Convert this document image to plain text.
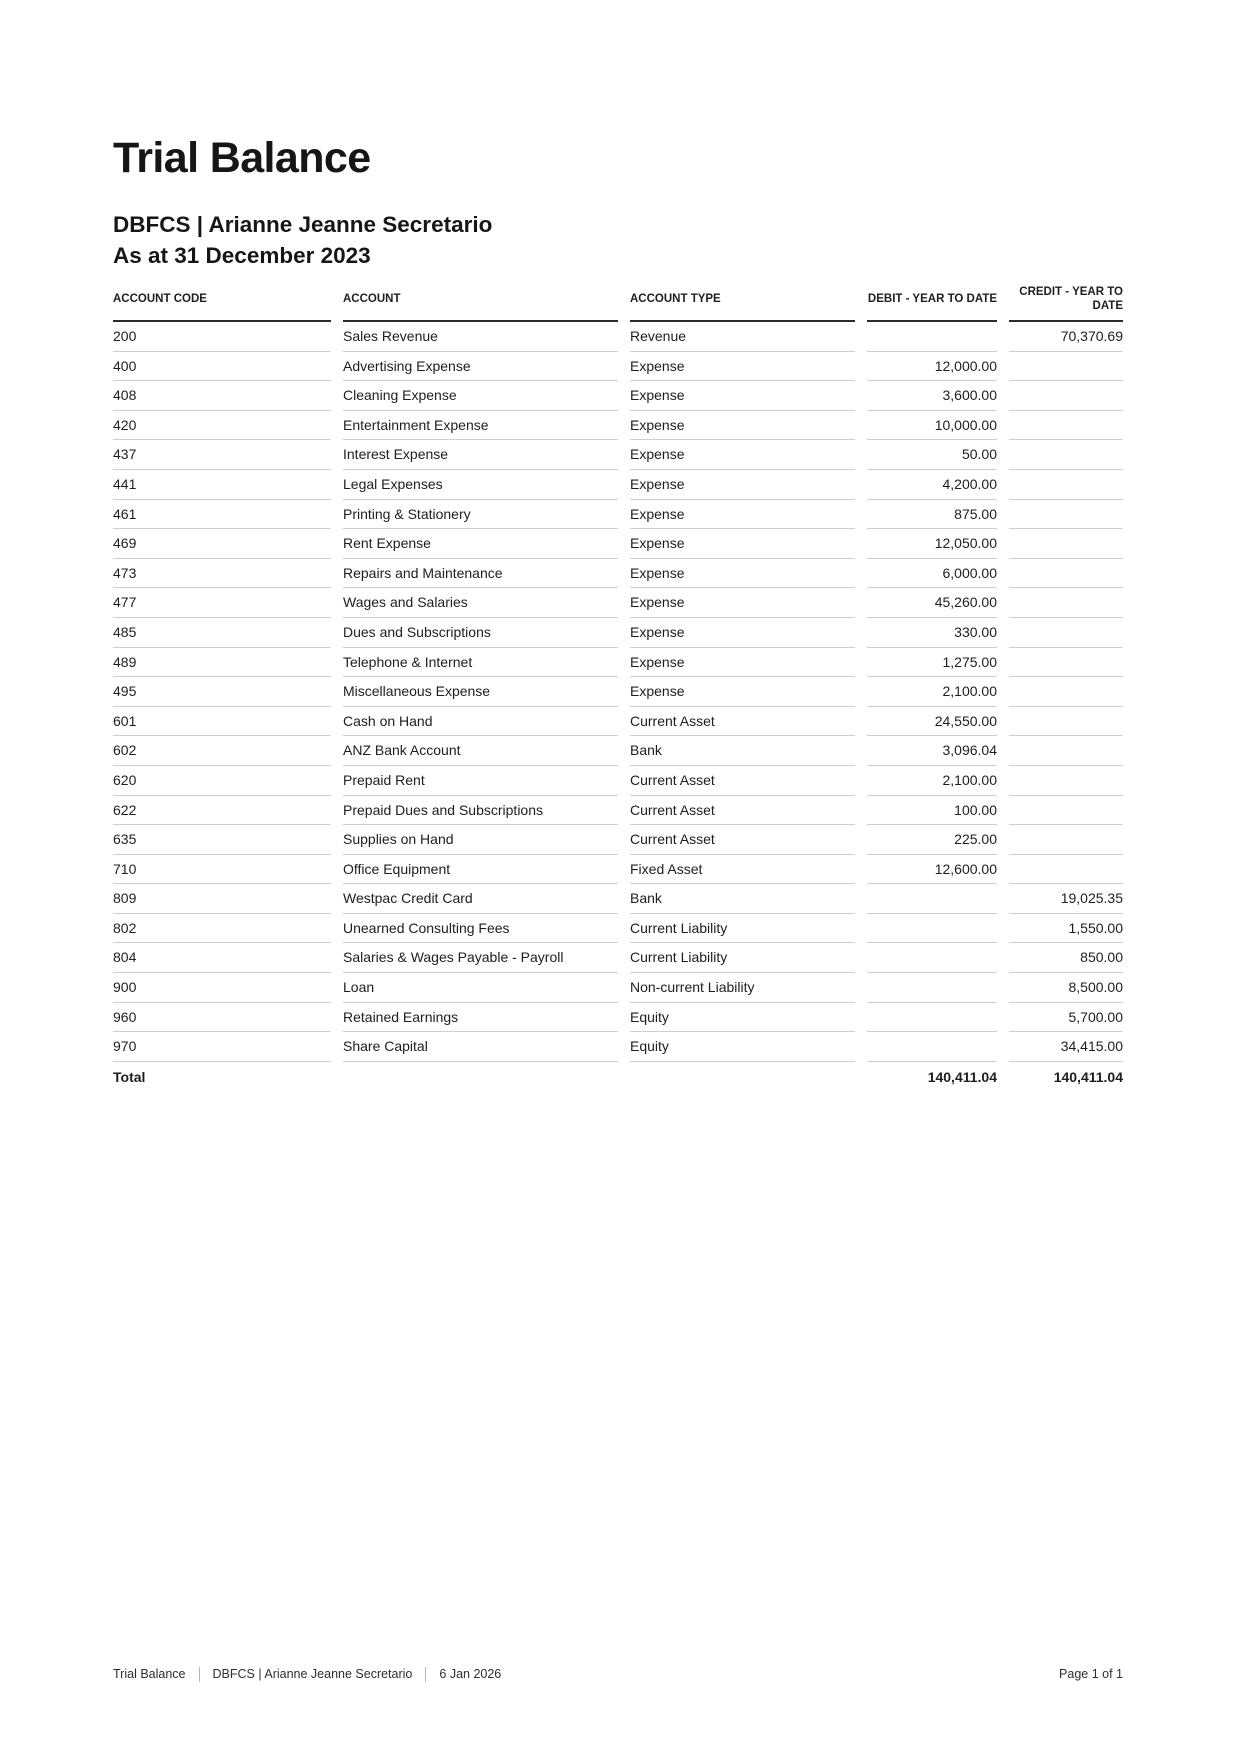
Trial Balance
DBFCS | Arianne Jeanne Secretario
As at 31 December 2023
ACCOUNT CODE	ACCOUNT	ACCOUNT TYPE	DEBIT - YEAR TO DATE	CREDIT - YEAR TO DATE
200	Sales Revenue	Revenue		70,370.69
400	Advertising Expense	Expense	12,000.00	
408	Cleaning Expense	Expense	3,600.00	
420	Entertainment Expense	Expense	10,000.00	
437	Interest Expense	Expense	50.00	
441	Legal Expenses	Expense	4,200.00	
461	Printing & Stationery	Expense	875.00	
469	Rent Expense	Expense	12,050.00	
473	Repairs and Maintenance	Expense	6,000.00	
477	Wages and Salaries	Expense	45,260.00	
485	Dues and Subscriptions	Expense	330.00	
489	Telephone & Internet	Expense	1,275.00	
495	Miscellaneous Expense	Expense	2,100.00	
601	Cash on Hand	Current Asset	24,550.00	
602	ANZ Bank Account	Bank	3,096.04	
620	Prepaid Rent	Current Asset	2,100.00	
622	Prepaid Dues and Subscriptions	Current Asset	100.00	
635	Supplies on Hand	Current Asset	225.00	
710	Office Equipment	Fixed Asset	12,600.00	
809	Westpac Credit Card	Bank		19,025.35
802	Unearned Consulting Fees	Current Liability		1,550.00
804	Salaries & Wages Payable - Payroll	Current Liability		850.00
900	Loan	Non-current Liability		8,500.00
960	Retained Earnings	Equity		5,700.00
970	Share Capital	Equity		34,415.00
Total			140,411.04	140,411.04
Trial Balance DBFCS | Arianne Jeanne Secretario 6 Jan 2026	Page 1 of 1
